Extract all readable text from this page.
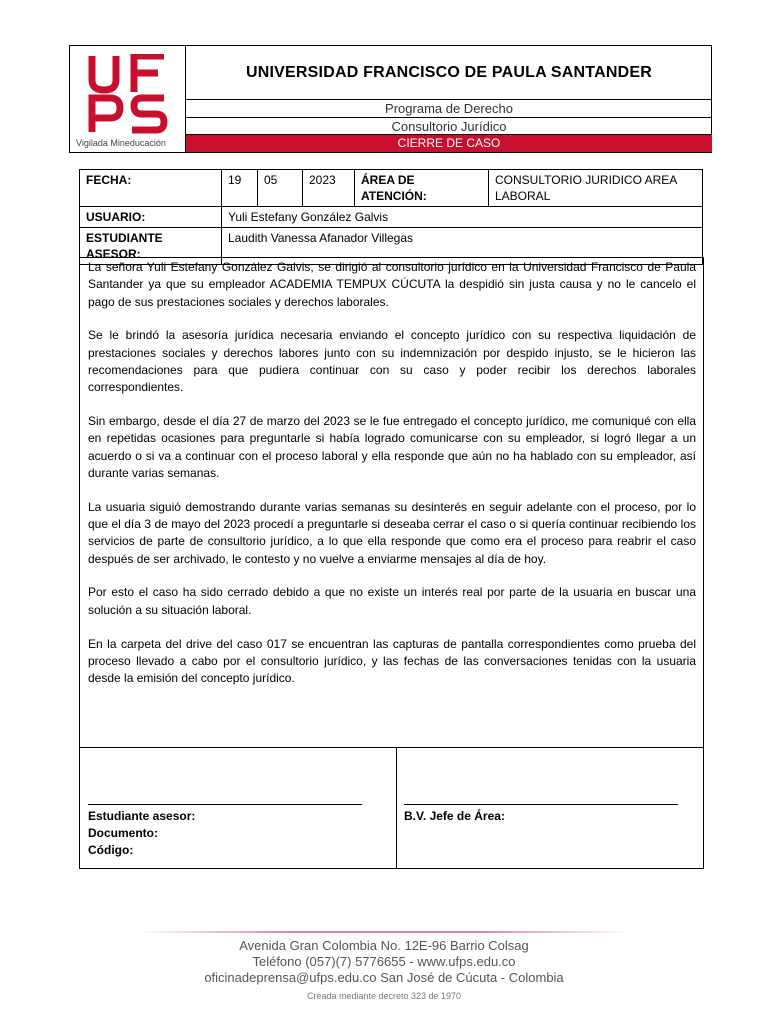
Vigilada Mineducación
UNIVERSIDAD FRANCISCO DE PAULA SANTANDER
Programa de Derecho
Consultorio Jurídico
CIERRE DE CASO
FECHA:	19	05	2023	ÁREA DE ATENCIÓN:	CONSULTORIO JURIDICO AREA LABORAL
USUARIO:	Yuli Estefany González Galvis				
ESTUDIANTE ASESOR:	Laudith Vanessa Afanador Villegas				

La señora Yuli Estefany González Galvis, se dirigió al consultorio jurídico en la Universidad Francisco de Paula Santander ya que su empleador ACADEMIA TEMPUX CÚCUTA la despidió sin justa causa y no le cancelo el pago de sus prestaciones sociales y derechos laborales.

Se le brindó la asesoría jurídica necesaria enviando el concepto jurídico con su respectiva liquidación de prestaciones sociales y derechos labores junto con su indemnización por despido injusto, se le hicieron las recomendaciones para que pudiera continuar con su caso y poder recibir los derechos laborales correspondientes.

Sin embargo, desde el día 27 de marzo del 2023 se le fue entregado el concepto jurídico, me comuniqué con ella en repetidas ocasiones para preguntarle si había logrado comunicarse con su empleador, si logró llegar a un acuerdo o si va a continuar con el proceso laboral y ella responde que aún no ha hablado con su empleador, así durante varias semanas.

La usuaria siguió demostrando durante varias semanas su desinterés en seguir adelante con el proceso, por lo que el día 3 de mayo del 2023 procedí a preguntarle si deseaba cerrar el caso o si quería continuar recibiendo los servicios de parte de consultorio jurídico, a lo que ella responde que como era el proceso para reabrir el caso después de ser archivado, le contesto y no vuelve a enviarme mensajes al día de hoy.

Por esto el caso ha sido cerrado debido a que no existe un interés real por parte de la usuaria en buscar una solución a su situación laboral.

En la carpeta del drive del caso 017 se encuentran las capturas de pantalla correspondientes como prueba del proceso llevado a cabo por el consultorio jurídico, y las fechas de las conversaciones tenidas con la usuaria desde la emisión del concepto jurídico.

Estudiante asesor:
Documento:
Código:
B.V. Jefe de Área:
Avenida Gran Colombia No. 12E-96 Barrio Colsag
Teléfono (057)(7) 5776655 - www.ufps.edu.co
oficinadeprensa@ufps.edu.co San José de Cúcuta - Colombia
Creada mediante decreto 323 de 1970
